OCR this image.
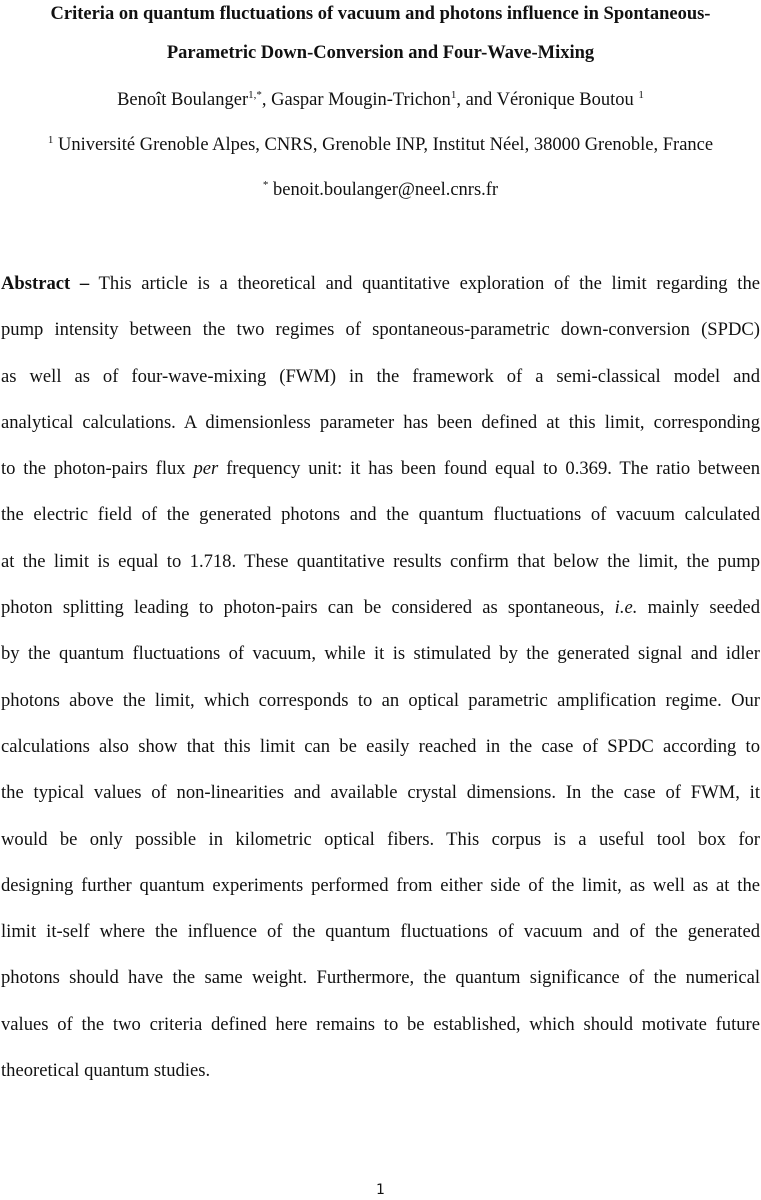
Criteria on quantum fluctuations of vacuum and photons influence in Spontaneous-
Parametric Down-Conversion and Four-Wave-Mixing
Benoît Boulanger$^{1,*}$, Gaspar Mougin-Trichon$^1$, and Véronique Boutou $^1$
$^1$ Université Grenoble Alpes, CNRS, Grenoble INP, Institut Néel, 38000 Grenoble, France
* benoit.boulanger@neel.cnrs.fr
Abstract – This article is a theoretical and quantitative exploration of the limit regarding the
pump intensity between the two regimes of spontaneous-parametric down-conversion (SPDC)
as well as of four-wave-mixing (FWM) in the framework of a semi-classical model and
analytical calculations. A dimensionless parameter has been defined at this limit, corresponding
to the photon-pairs flux per frequency unit: it has been found equal to 0.369. The ratio between
the electric field of the generated photons and the quantum fluctuations of vacuum calculated
at the limit is equal to 1.718. These quantitative results confirm that below the limit, the pump
photon splitting leading to photon-pairs can be considered as spontaneous, i.e. mainly seeded
by the quantum fluctuations of vacuum, while it is stimulated by the generated signal and idler
photons above the limit, which corresponds to an optical parametric amplification regime. Our
calculations also show that this limit can be easily reached in the case of SPDC according to
the typical values of non-linearities and available crystal dimensions. In the case of FWM, it
would be only possible in kilometric optical fibers. This corpus is a useful tool box for
designing further quantum experiments performed from either side of the limit, as well as at the
limit it-self where the influence of the quantum fluctuations of vacuum and of the generated
photons should have the same weight. Furthermore, the quantum significance of the numerical
values of the two criteria defined here remains to be established, which should motivate future
theoretical quantum studies.
1
